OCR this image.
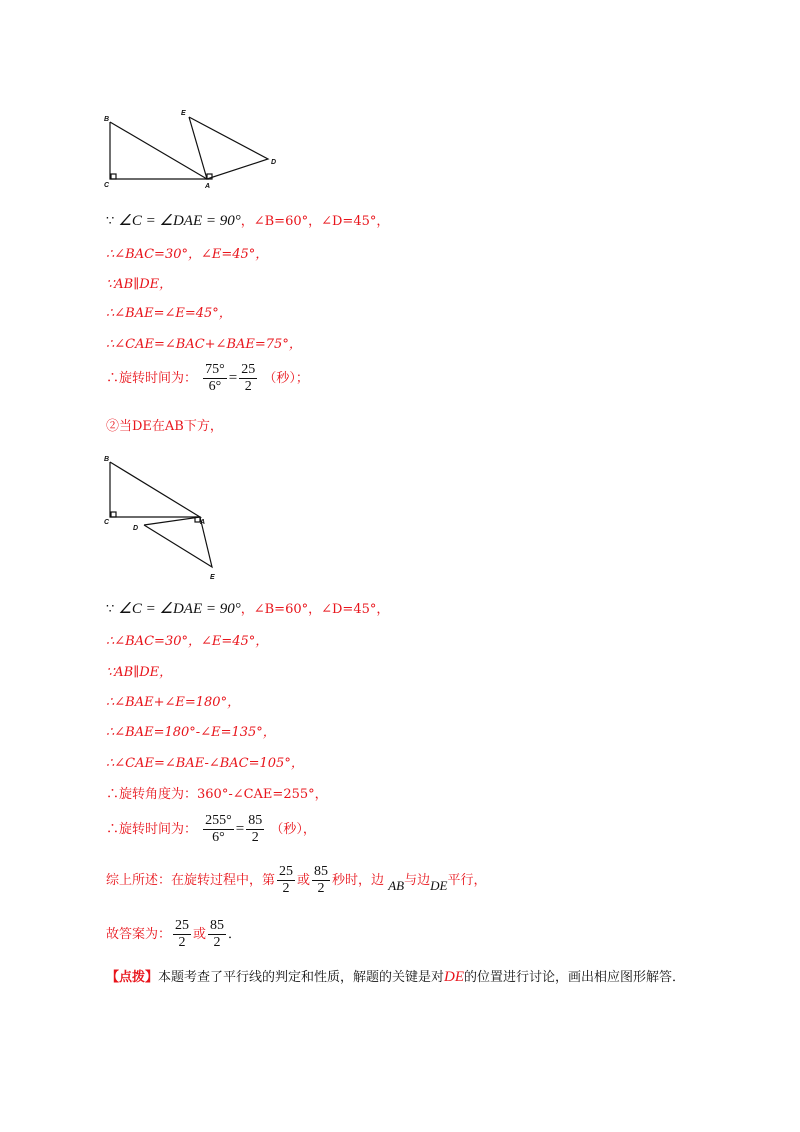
B
C	A
E
D
∵ ∠C = ∠DAE = 90°，∠B=60°，∠D=45°，
∴∠BAC=30°，∠E=45°，
∵AB∥DE，
∴∠BAE=∠E=45°，
∴∠CAE=∠BAC+∠BAE=75°，
∴旋转时间为： $\frac{75^\circ}{6^\circ} = \frac{25}{2}$ （秒）；
②当DE在AB下方，
B
C	A
D
E
∵ ∠C = ∠DAE = 90°，∠B=60°，∠D=45°，
∴∠BAC=30°，∠E=45°，
∵AB∥DE，
∴∠BAE+∠E=180°，
∴∠BAE=180°-∠E=135°，
∴∠CAE=∠BAE-∠BAC=105°，
∴旋转角度为：360°-∠CAE=255°，
∴旋转时间为： $\frac{255^\circ}{6^\circ} = \frac{85}{2}$ （秒），
综上所述：在旋转过程中，第 $\frac{25}{2}$ 或 $\frac{85}{2}$ 秒时，边 AB与边DE平行，
故答案为： $\frac{25}{2}$ 或 $\frac{85}{2}$ ．
【点拨】本题考查了平行线的判定和性质，解题的关键是对DE的位置进行讨论，画出相应图形解答．
